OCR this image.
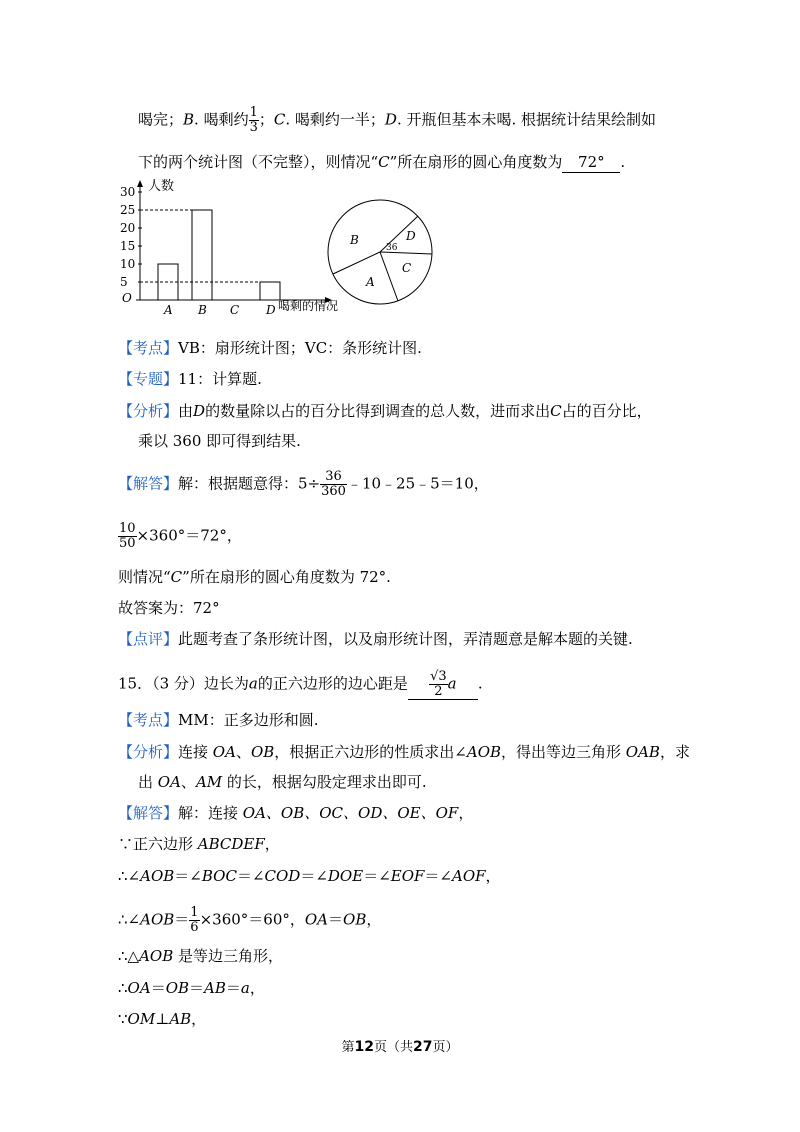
喝完；B. 喝剩约 $\frac{1}{3}$ ；C. 喝剩约一半；D. 开瓶但基本未喝. 根据统计结果绘制如
下的两个统计图（不完整），则情况“C”所在扇形的圆心角度数为 72° .
人数
喝剩的情况
O
30
25
20
15
10
5
A B C D
B	D
C
A
36
【考点】VB：扇形统计图；VC：条形统计图.
【专题】11：计算题.
【分析】由D的数量除以占的百分比得到调查的总人数，进而求出C占的百分比，
乘以 360 即可得到结果.
【解答】解：根据题意得：$5\div \frac{36}{360}$ ﹣10﹣25﹣5＝10，
$\frac{10}{50} \times 360^\circ=72^\circ$，
则情况“C”所在扇形的圆心角度数为 72°.
故答案为：72°
【点评】此题考查了条形统计图，以及扇形统计图，弄清题意是解本题的关键.
15．（3 分）边长为a的正六边形的边心距是 $\frac{√3}{2}$ a .
【考点】MM：正多边形和圆.
【分析】连接 OA、OB，根据正六边形的性质求出∠AOB，得出等边三角形 OAB，求
出 OA、AM 的长，根据勾股定理求出即可.
【解答】解：连接 OA、OB、OC、OD、OE、OF，
∵正六边形 ABCDEF，
∴∠AOB＝∠BOC＝∠COD＝∠DOE＝∠EOF＝∠AOF，
∴∠AOB＝ $\frac{1}{6} \times 360^\circ=60^\circ$，OA＝OB，
∴△AOB 是等边三角形，
∴OA＝OB＝AB＝a，
∵OM⊥AB，
第12页（共27页）
